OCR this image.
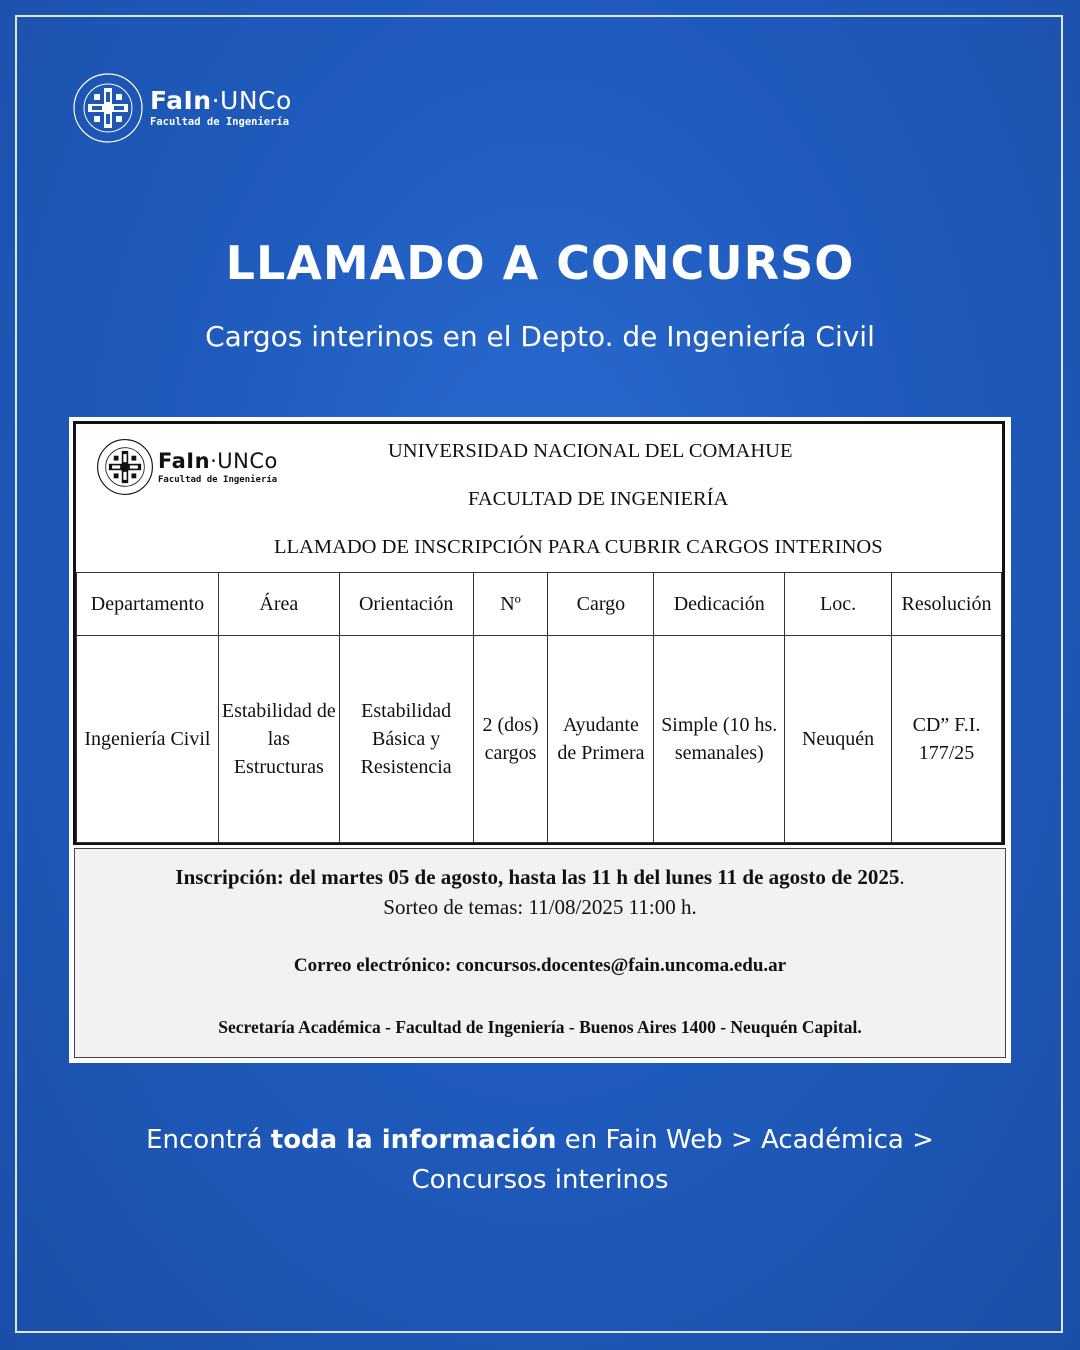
FaIn·UNCo
Facultad de Ingeniería
LLAMADO A CONCURSO
Cargos interinos en el Depto. de Ingeniería Civil
FaIn·UNCo
Facultad de Ingeniería
UNIVERSIDAD NACIONAL DEL COMAHUE
FACULTAD DE INGENIERÍA
LLAMADO DE INSCRIPCIÓN PARA CUBRIR CARGOS INTERINOS
Departamento	Área	Orientación	Nº	Cargo	Dedicación	Loc.	Resolución
Ingeniería Civil	Estabilidad de las Estructuras	Estabilidad Básica y Resistencia	2 (dos) cargos	Ayudante de Primera	Simple (10 hs. semanales)	Neuquén	CD” F.I. 177/25
Inscripción: del martes 05 de agosto, hasta las 11 h del lunes 11 de agosto de 2025.
Sorteo de temas: 11/08/2025 11:00 h.
Correo electrónico: concursos.docentes@fain.uncoma.edu.ar
Secretaría Académica - Facultad de Ingeniería - Buenos Aires 1400 - Neuquén Capital.
Encontrá toda la información en Fain Web > Académica >
Concursos interinos
